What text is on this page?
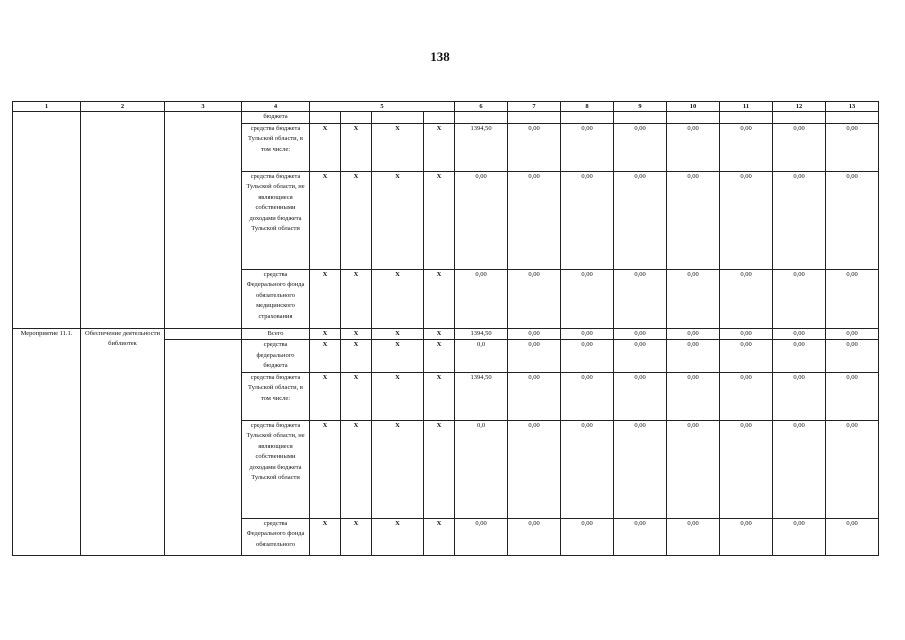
138
1	2	3	4	5				6	7	8	9	10	11	12	13
			бюджета												
			средства бюджета Тульской области, в том числе:	X	X	X	X	1394,50	0,00	0,00	0,00	0,00	0,00	0,00	0,00
			средства бюджета Тульской области, не являющиеся собственными доходами бюджета Тульской области	X	X	X	X	0,00	0,00	0,00	0,00	0,00	0,00	0,00	0,00
			средства Федерального фонда обязательного медицинского страхования	X	X	X	X	0,00	0,00	0,00	0,00	0,00	0,00	0,00	0,00
Мероприятие 11.1.	Обеспечение деятельности библиотек		Всего	X	X	X	X	1394,50	0,00	0,00	0,00	0,00	0,00	0,00	0,00
			средства федерального бюджета	X	X	X	X	0,0	0,00	0,00	0,00	0,00	0,00	0,00	0,00
			средства бюджета Тульской области, в том числе:	X	X	X	X	1394,50	0,00	0,00	0,00	0,00	0,00	0,00	0,00
			средства бюджета Тульской области, не являющиеся собственными доходами бюджета Тульской области	X	X	X	X	0,0	0,00	0,00	0,00	0,00	0,00	0,00	0,00
			средства Федерального фонда обязательного	X	X	X	X	0,00	0,00	0,00	0,00	0,00	0,00	0,00	0,00
